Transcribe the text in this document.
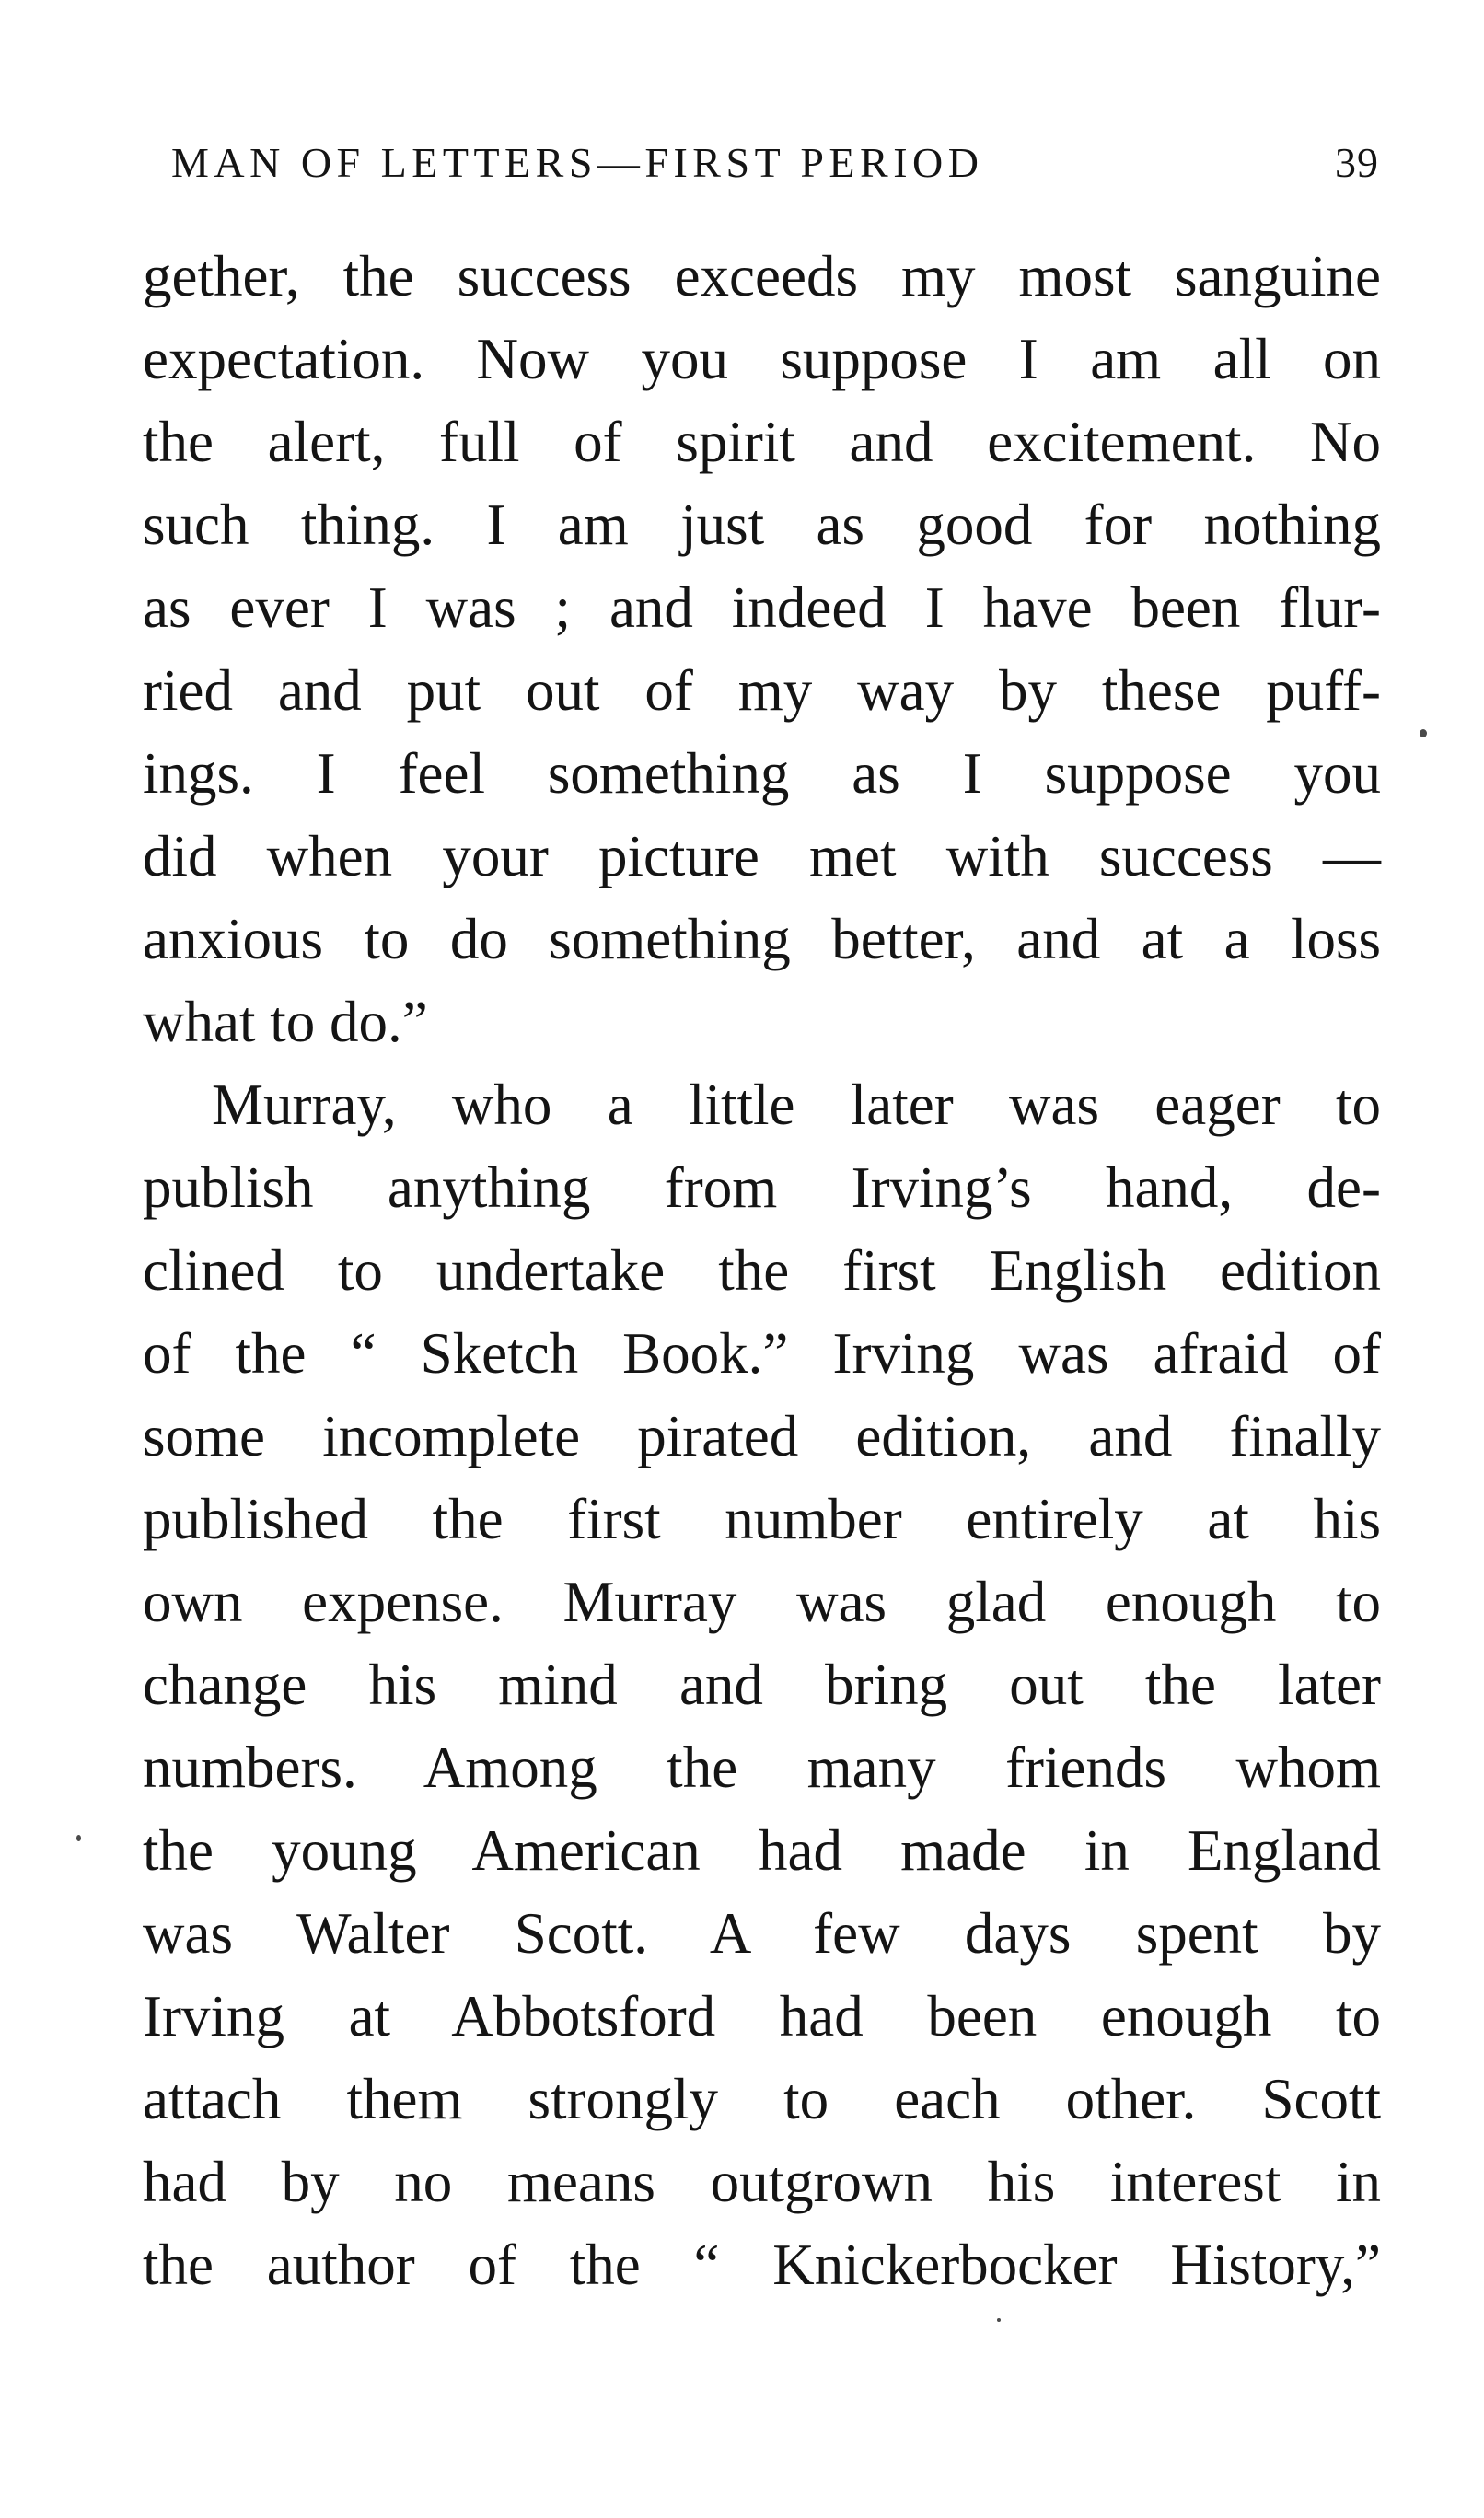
MAN OF LETTERS—FIRST PERIOD	39
gether, the success exceeds my most sanguine
expectation. Now you suppose I am all on
the alert, full of spirit and excitement. No
such thing. I am just as good for nothing
as ever I was ; and indeed I have been flur-
ried and put out of my way by these puff-
ings. I feel something as I suppose you
did when your picture met with success —
anxious to do something better, and at a loss
what to do.”
Murray, who a little later was eager to
publish anything from Irving’s hand, de-
clined to undertake the first English edition
of the “ Sketch Book.” Irving was afraid of
some incomplete pirated edition, and finally
published the first number entirely at his
own expense. Murray was glad enough to
change his mind and bring out the later
numbers. Among the many friends whom
the young American had made in England
was Walter Scott. A few days spent by
Irving at Abbotsford had been enough to
attach them strongly to each other. Scott
had by no means outgrown his interest in
the author of the “ Knickerbocker History,”
